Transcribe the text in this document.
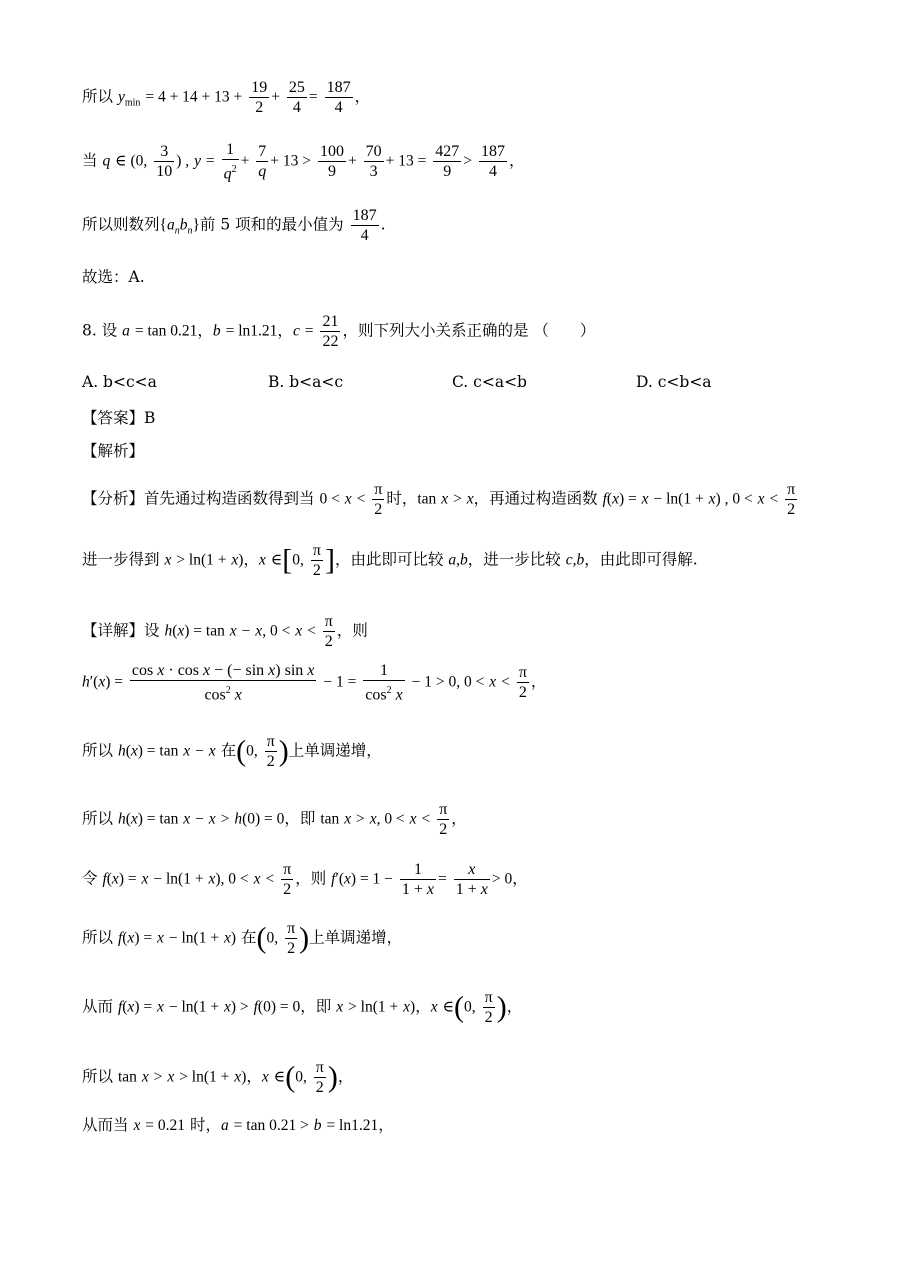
所以 $y_{min} = 4 + 14 + 13 + \frac{19}{2} + \frac{25}{4} = \frac{187}{4}$ ，
当 q ∈ (0, $\frac{3}{10}$ ) , $y = \frac{1}{q^2} + \frac{7}{q} + 13 > \frac{100}{9} + \frac{70}{3} + 13 = \frac{427}{9} > \frac{187}{4}$ ，
所以则数列$\{a_nb_n\}$前 5 项和的最小值为 $\frac{187}{4}$ .
故选：A.
8. 设 a = tan 0.21，b = ln1.21，$c = \frac{21}{22}$ ，则下列大小关系正确的是 （　　）
A. b<c<a	B. b<a<c	C. c<a<b	D. c<b<a
【答案】B
【解析】
【分析】首先通过构造函数得到当 $0 < x < \frac{\pi}{2}$ 时，tan x > x，再通过构造函数 f(x) = x − ln(1 + x) , $0 < x < \frac{\pi}{2}$
进一步得到 x > ln(1 + x)，x ∈[0, $\frac{\pi}{2}$ ]，由此即可比较 a,b，进一步比较 c,b，由此即可得解.
【详解】设 h(x) = tan x − x, $0 < x < \frac{\pi}{2}$ ，则
$h'(x) = \frac{\text{cos x · cos x − (− sin x) sin x}}{\cos^2 x} - 1 = \frac{1}{\cos^2 x} - 1 > 0$, $0 < x < \frac{\pi}{2}$ ，
所以 h(x) = tan x − x 在(0, $\frac{\pi}{2}$ )上单调递增，
所以 h(x) = tan x − x > h(0) = 0，即 tan x > x, $0 < x < \frac{\pi}{2}$ ，
令 f(x) = x − ln(1 + x), $0 < x < \frac{\pi}{2}$ ，则 $f'(x) = 1 - \frac{1}{1 + x} = \frac{x}{1 + x} > 0$，
所以 f(x) = x − ln(1 + x) 在(0, $\frac{\pi}{2}$ )上单调递增，
从而 f(x) = x − ln(1 + x) > f(0) = 0，即 x > ln(1 + x)，x ∈(0, $\frac{\pi}{2}$ )，
所以 tan x > x > ln(1 + x)，x ∈(0, $\frac{\pi}{2}$ )，
从而当 x = 0.21 时，a = tan 0.21 > b = ln1.21，
